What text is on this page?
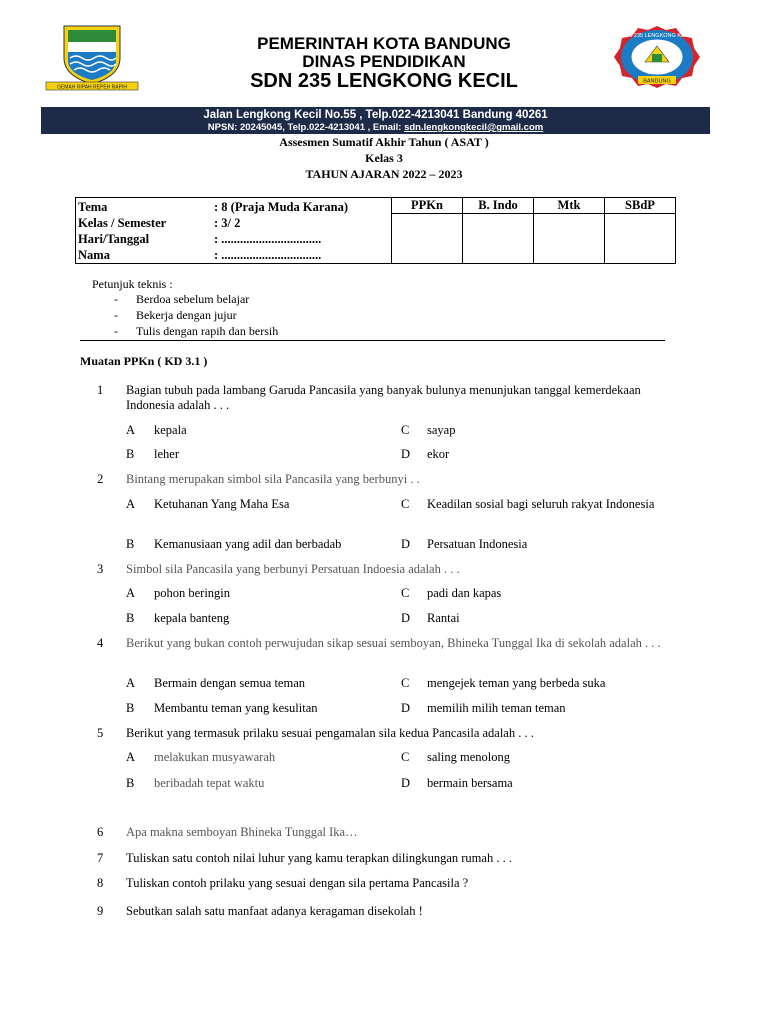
GEMAH RIPAH REPEH RAPIH
PEMERINTAH KOTA BANDUNG
DINAS PENDIDIKAN
SDN 235 LENGKONG KECIL
SDN 235 LENGKONG KECIL
BANDUNG
Jalan Lengkong Kecil No.55 , Telp.022-4213041 Bandung 40261
NPSN: 20245045, Telp.022-4213041 , Email: sdn.lengkongkecil@gmail.com
Assesmen Sumatif Akhir Tahun ( ASAT )
Kelas 3
TAHUN AJARAN 2022 – 2023
Tema	: 8 (Praja Muda Karana)
Kelas / Semester	: 3/ 2
Hari/Tanggal	: ................................
Nama	: ................................

PPKn	B. Indo	Mtk	SBdP
Petunjuk teknis :
- Berdoa sebelum belajar
- Bekerja dengan jujur
- Tulis dengan rapih dan bersih
Muatan PPKn ( KD 3.1 )
1 Bagian tubuh pada lambang Garuda Pancasila yang banyak bulunya menunjukan tanggal kemerdekaan Indonesia adalah . . .
A kepala	C sayap
B leher	D ekor
2 Bintang merupakan simbol sila Pancasila yang berbunyi . .
A Ketuhanan Yang Maha Esa	C Keadilan sosial bagi seluruh rakyat Indonesia
B Kemanusiaan yang adil dan berbadab	D Persatuan Indonesia
3 Simbol sila Pancasila yang berbunyi Persatuan Indoesia adalah . . .
A pohon beringin	C padi dan kapas
B kepala banteng	D Rantai
4 Berikut yang bukan contoh perwujudan sikap sesuai semboyan, Bhineka Tunggal Ika di sekolah adalah . . .
A Bermain dengan semua teman	C mengejek teman yang berbeda suka
B Membantu teman yang kesulitan	D memilih milih teman teman
5 Berikut yang termasuk prilaku sesuai pengamalan sila kedua Pancasila adalah . . .
A melakukan musyawarah	C saling menolong
B beribadah tepat waktu	D bermain bersama
6 Apa makna semboyan Bhineka Tunggal Ika…
7 Tuliskan satu contoh nilai luhur yang kamu terapkan dilingkungan rumah . . .
8 Tuliskan contoh prilaku yang sesuai dengan sila pertama Pancasila ?
9 Sebutkan salah satu manfaat adanya keragaman disekolah !
